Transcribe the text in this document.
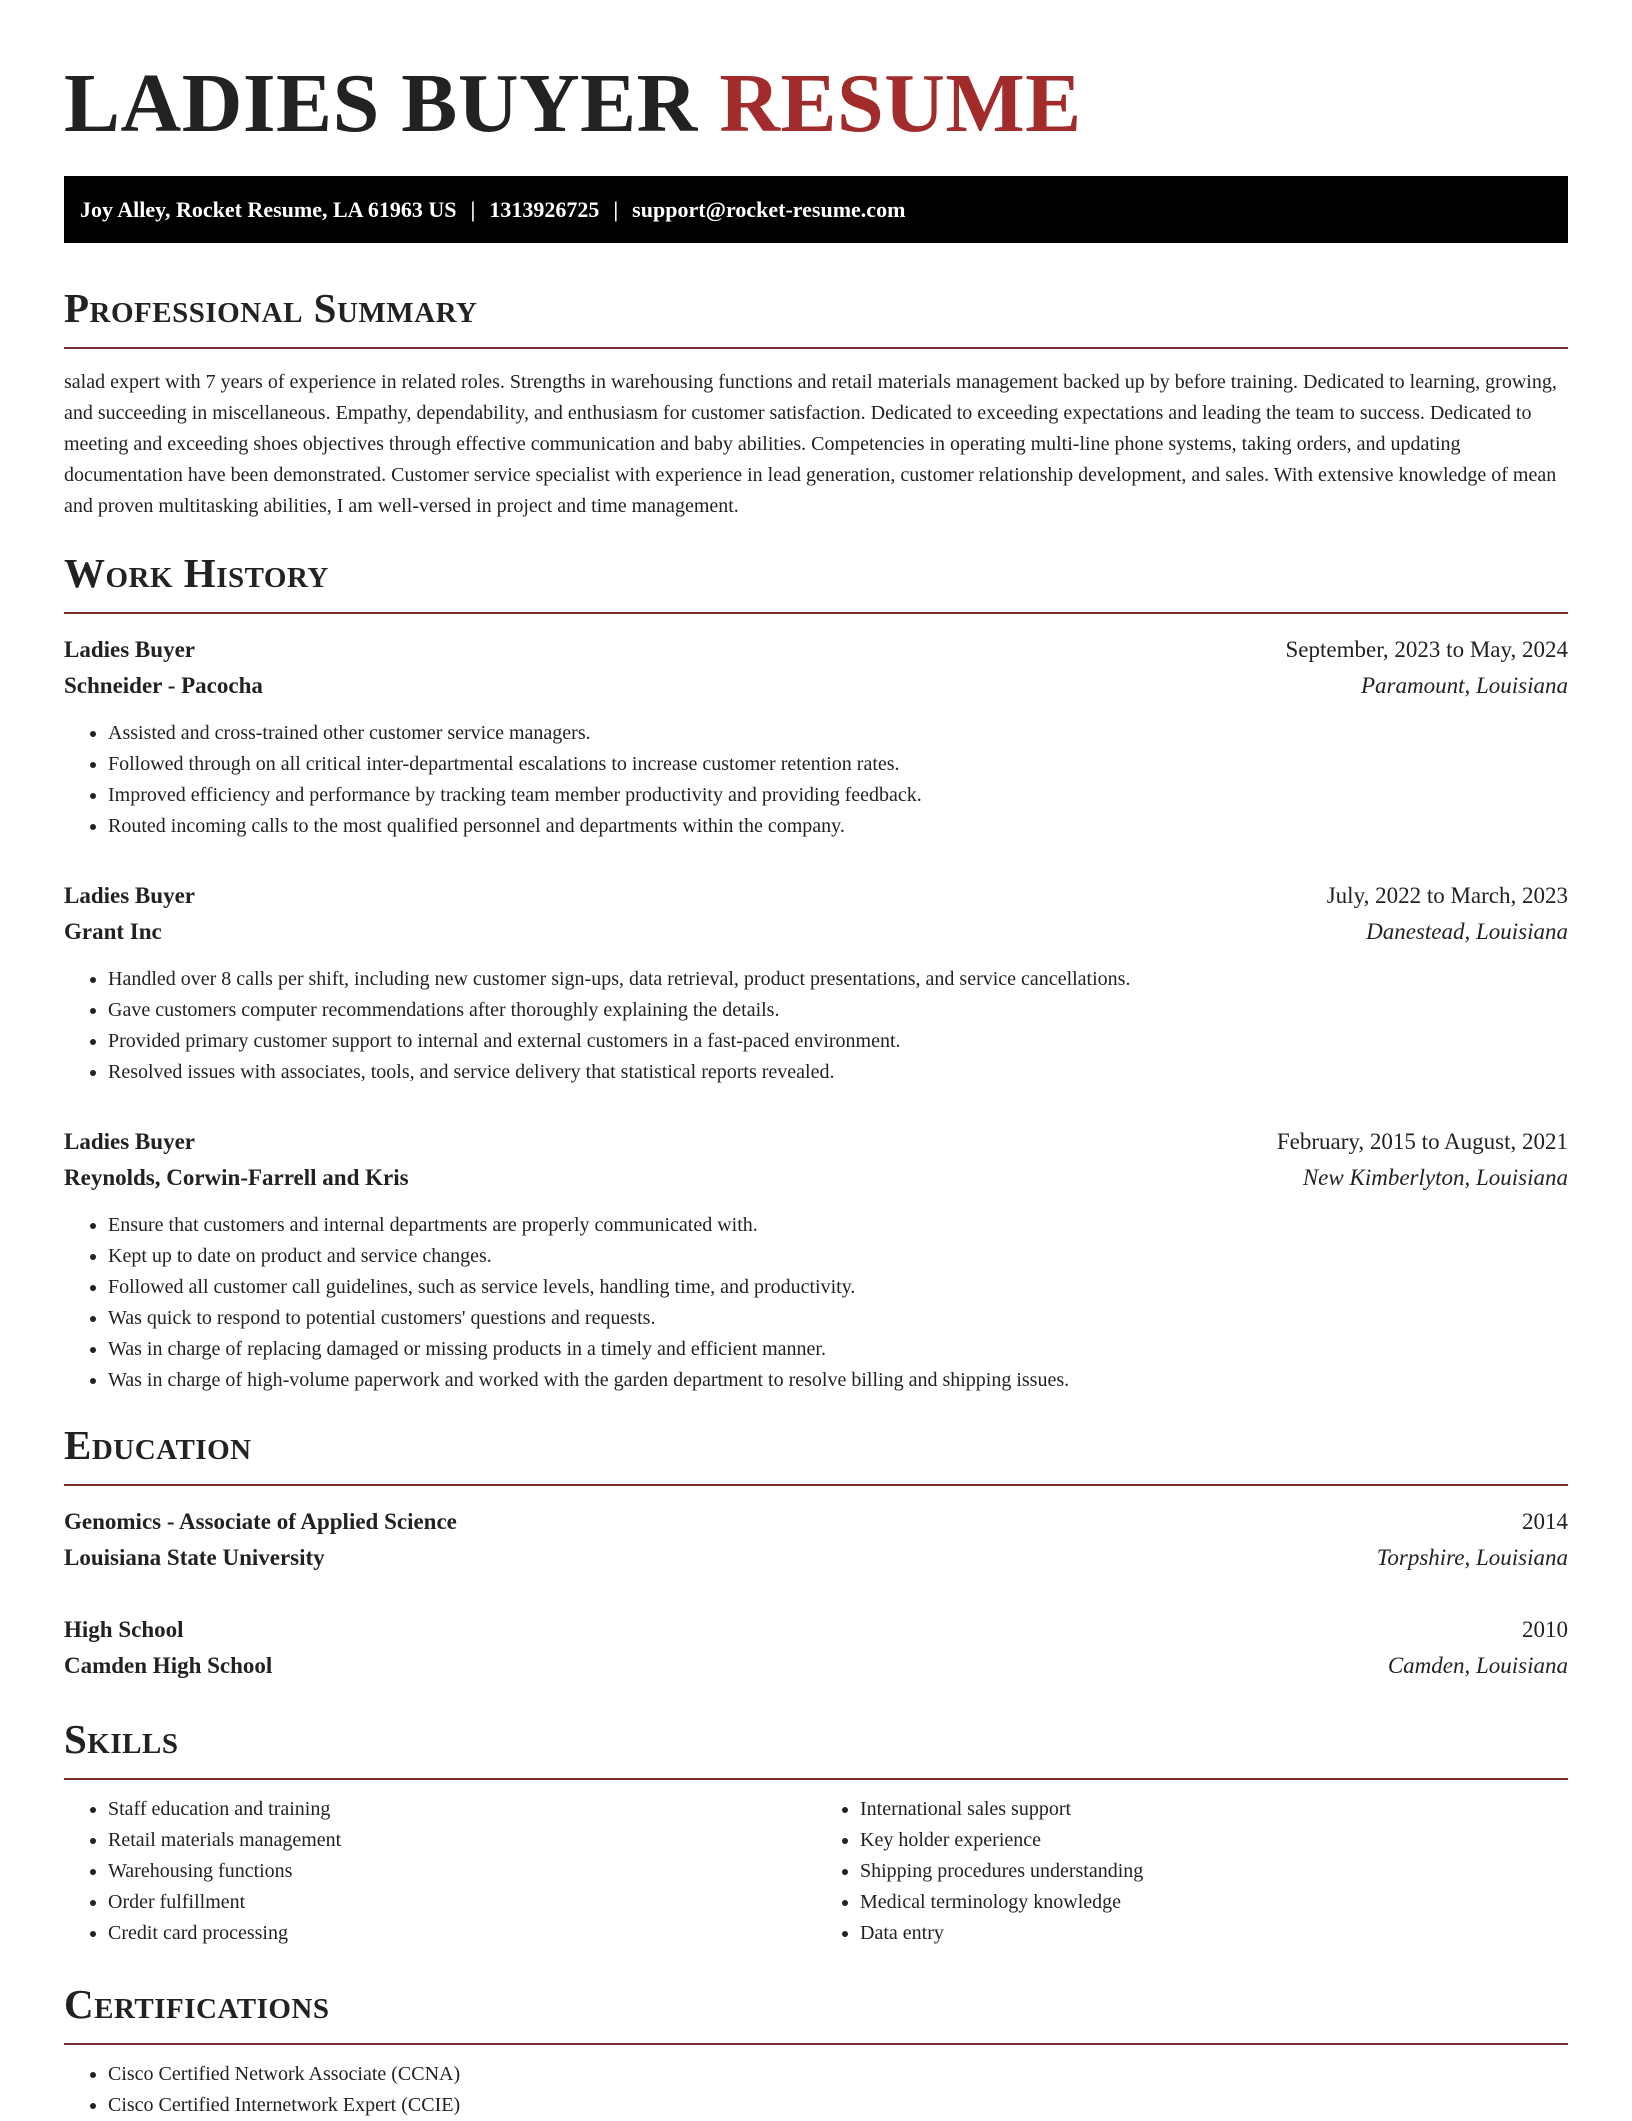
LADIES BUYER RESUME
Joy Alley, Rocket Resume, LA 61963 US | 1313926725 | support@rocket-resume.com
Professional Summary

salad expert with 7 years of experience in related roles. Strengths in warehousing functions and retail materials management backed up by before training. Dedicated to learning, growing, and succeeding in miscellaneous. Empathy, dependability, and enthusiasm for customer satisfaction. Dedicated to exceeding expectations and leading the team to success. Dedicated to meeting and exceeding shoes objectives through effective communication and baby abilities. Competencies in operating multi-line phone systems, taking orders, and updating documentation have been demonstrated. Customer service specialist with experience in lead generation, customer relationship development, and sales. With extensive knowledge of mean and proven multitasking abilities, I am well-versed in project and time management.

Work History
Ladies Buyer	September, 2023 to May, 2024
Schneider - Pacocha	Paramount, Louisiana
• Assisted and cross-trained other customer service managers.
• Followed through on all critical inter-departmental escalations to increase customer retention rates.
• Improved efficiency and performance by tracking team member productivity and providing feedback.
• Routed incoming calls to the most qualified personnel and departments within the company.
Ladies Buyer	July, 2022 to March, 2023
Grant Inc	Danestead, Louisiana
• Handled over 8 calls per shift, including new customer sign-ups, data retrieval, product presentations, and service cancellations.
• Gave customers computer recommendations after thoroughly explaining the details.
• Provided primary customer support to internal and external customers in a fast-paced environment.
• Resolved issues with associates, tools, and service delivery that statistical reports revealed.
Ladies Buyer	February, 2015 to August, 2021
Reynolds, Corwin-Farrell and Kris	New Kimberlyton, Louisiana
• Ensure that customers and internal departments are properly communicated with.
• Kept up to date on product and service changes.
• Followed all customer call guidelines, such as service levels, handling time, and productivity.
• Was quick to respond to potential customers' questions and requests.
• Was in charge of replacing damaged or missing products in a timely and efficient manner.
• Was in charge of high-volume paperwork and worked with the garden department to resolve billing and shipping issues.
Education
Genomics - Associate of Applied Science	2014
Louisiana State University	Torpshire, Louisiana
High School	2010
Camden High School	Camden, Louisiana
Skills
• Staff education and training
• Retail materials management
• Warehousing functions
• Order fulfillment
• Credit card processing
• International sales support
• Key holder experience
• Shipping procedures understanding
• Medical terminology knowledge
• Data entry
Certifications
• Cisco Certified Network Associate (CCNA)
• Cisco Certified Internetwork Expert (CCIE)
